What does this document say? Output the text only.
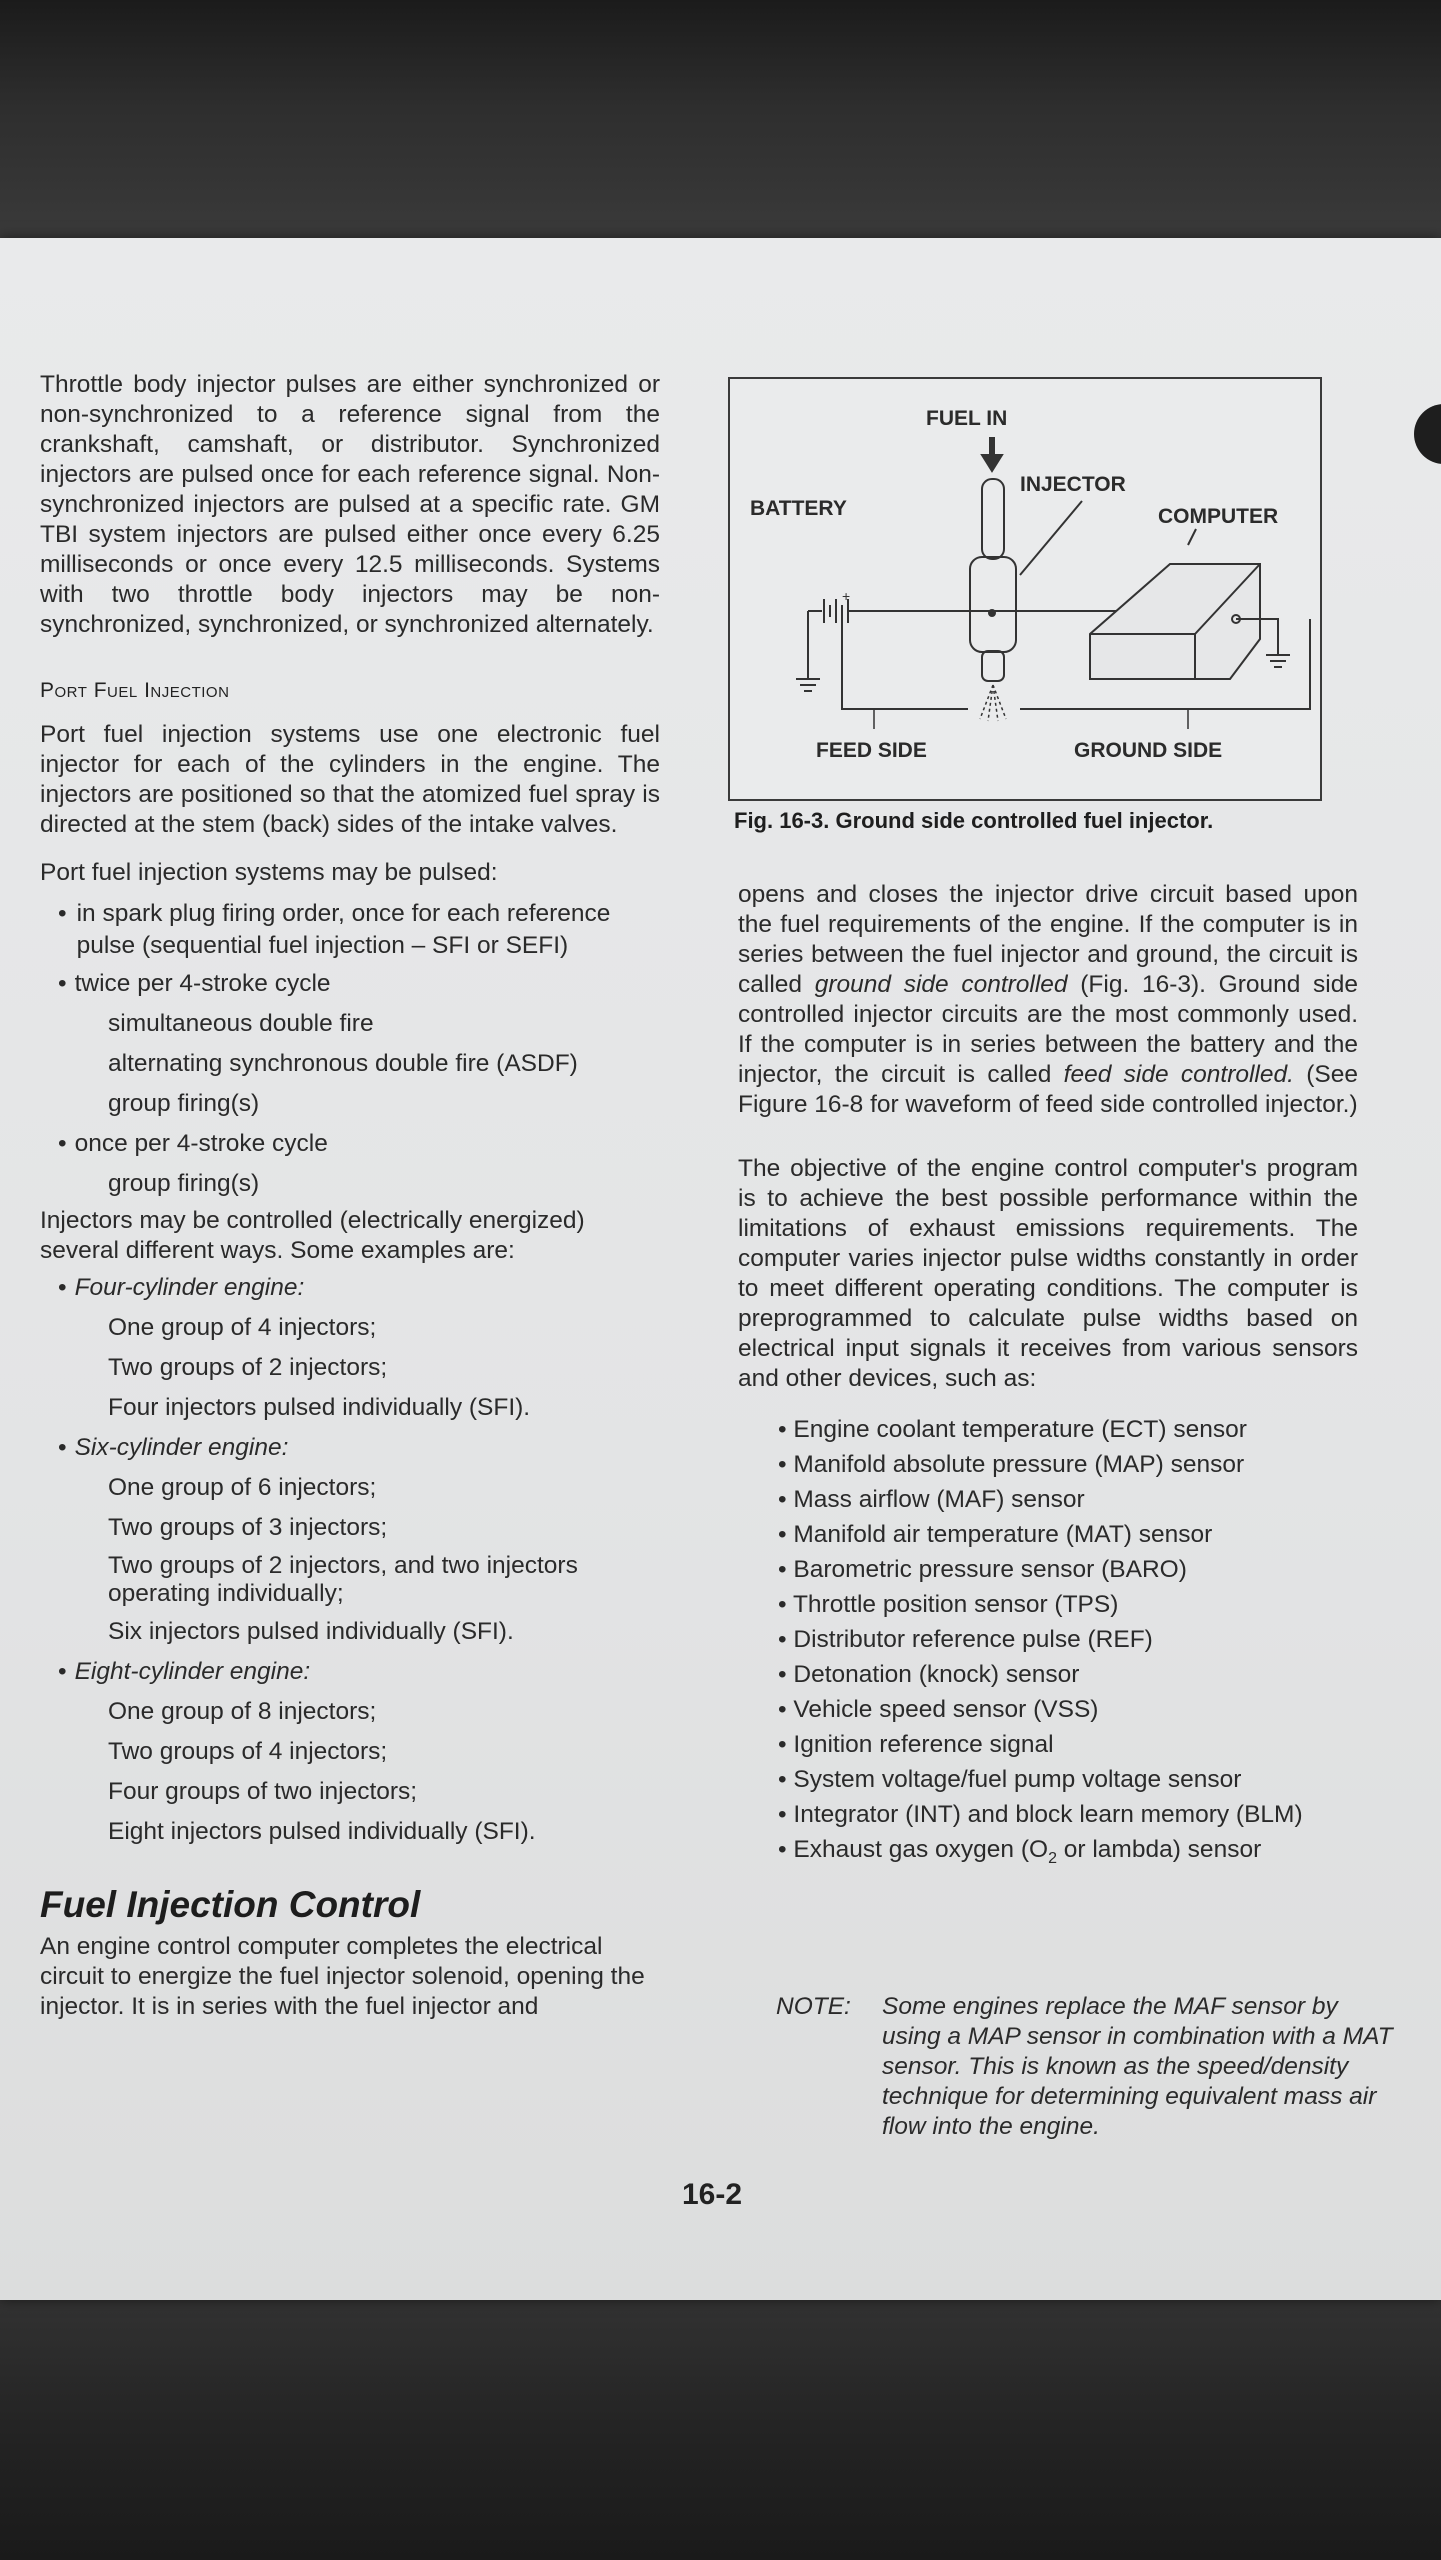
Throttle body injector pulses are either synchronized or non-synchronized to a reference signal from the crankshaft, camshaft, or distributor. Synchronized injectors are pulsed once for each reference signal. Non-synchronized injectors are pulsed at a specific rate. GM TBI system injectors are pulsed either once every 6.25 milliseconds or once every 12.5 milliseconds. Systems with two throttle body injectors may be non-synchronized, synchronized, or synchronized alternately.

Port Fuel Injection

Port fuel injection systems use one electronic fuel injector for each of the cylinders in the engine. The injectors are positioned so that the atomized fuel spray is directed at the stem (back) sides of the intake valves.

Port fuel injection systems may be pulsed:

• in spark plug firing order, once for each reference pulse (sequential fuel injection – SFI or SEFI)
• twice per 4-stroke cycle
simultaneous double fire
alternating synchronous double fire (ASDF)
group firing(s)
• once per 4-stroke cycle
group firing(s)

Injectors may be controlled (electrically energized) several different ways. Some examples are:

• Four-cylinder engine:
One group of 4 injectors;
Two groups of 2 injectors;
Four injectors pulsed individually (SFI).
• Six-cylinder engine:
One group of 6 injectors;
Two groups of 3 injectors;
Two groups of 2 injectors, and two injectors operating individually;
Six injectors pulsed individually (SFI).
• Eight-cylinder engine:
One group of 8 injectors;
Two groups of 4 injectors;
Four groups of two injectors;
Eight injectors pulsed individually (SFI).
Fuel Injection Control

An engine control computer completes the electrical circuit to energize the fuel injector solenoid, opening the injector. It is in series with the fuel injector and

+
FUEL IN
BATTERY
INJECTOR
COMPUTER
FEED SIDE	GROUND SIDE
Fig. 16-3. Ground side controlled fuel injector.

opens and closes the injector drive circuit based upon the fuel requirements of the engine. If the computer is in series between the fuel injector and ground, the circuit is called ground side controlled (Fig. 16-3). Ground side controlled injector circuits are the most commonly used. If the computer is in series between the battery and the injector, the circuit is called feed side controlled. (See Figure 16-8 for waveform of feed side controlled injector.)

The objective of the engine control computer's program is to achieve the best possible performance within the limitations of exhaust emissions requirements. The computer varies injector pulse widths constantly in order to meet different operating conditions. The computer is preprogrammed to calculate pulse widths based on electrical input signals it receives from various sensors and other devices, such as:

• Engine coolant temperature (ECT) sensor
• Manifold absolute pressure (MAP) sensor
• Mass airflow (MAF) sensor
• Manifold air temperature (MAT) sensor
• Barometric pressure sensor (BARO)
• Throttle position sensor (TPS)
• Distributor reference pulse (REF)
• Detonation (knock) sensor
• Vehicle speed sensor (VSS)
• Ignition reference signal
• System voltage/fuel pump voltage sensor
• Integrator (INT) and block learn memory (BLM)
• Exhaust gas oxygen ($O_2$ or lambda) sensor
NOTE: Some engines replace the MAF sensor by using a MAP sensor in combination with a MAT sensor. This is known as the speed/density technique for determining equivalent mass air flow into the engine.
16-2
